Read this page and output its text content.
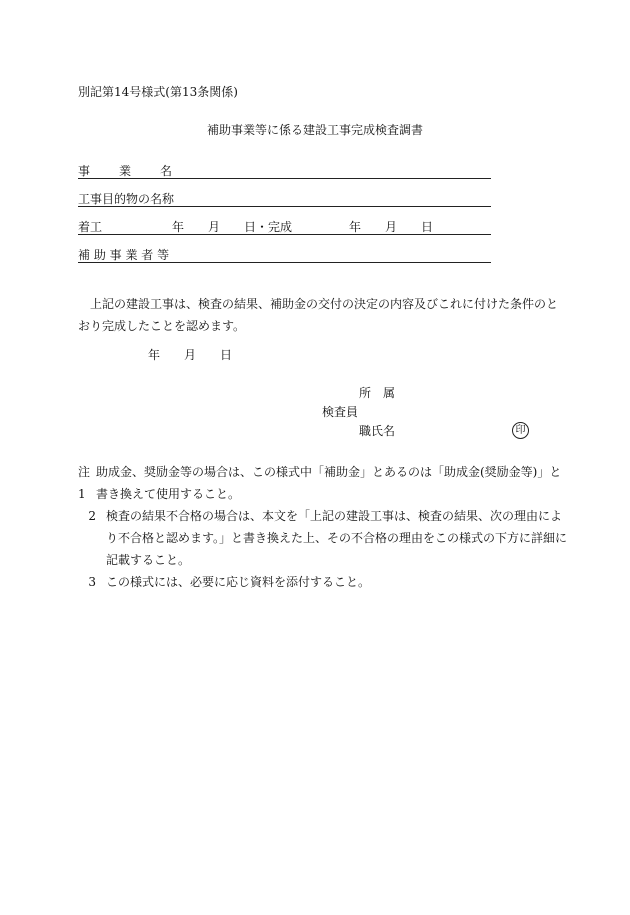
別記第14号様式(第13条関係)
補助事業等に係る建設工事完成検査調書
事 業 名
工事目的物の名称
着工	年 月 日・完成	年 月 日
補 助 事 業 者 等
上記の建設工事は、検査の結果、補助金の交付の決定の内容及びこれに付けた条件のとおり完成したことを認めます。
年 月 日
所　属
検査員
職氏名	印
注1
助成金、奨励金等の場合は、この様式中「補助金」とあるのは「助成金(奨励金等)」と書き換えて使用すること。
2 検査の結果不合格の場合は、本文を「上記の建設工事は、検査の結果、次の理由により不合格と認めます。」と書き換えた上、その不合格の理由をこの様式の下方に詳細に記載すること。
3 この様式には、必要に応じ資料を添付すること。
